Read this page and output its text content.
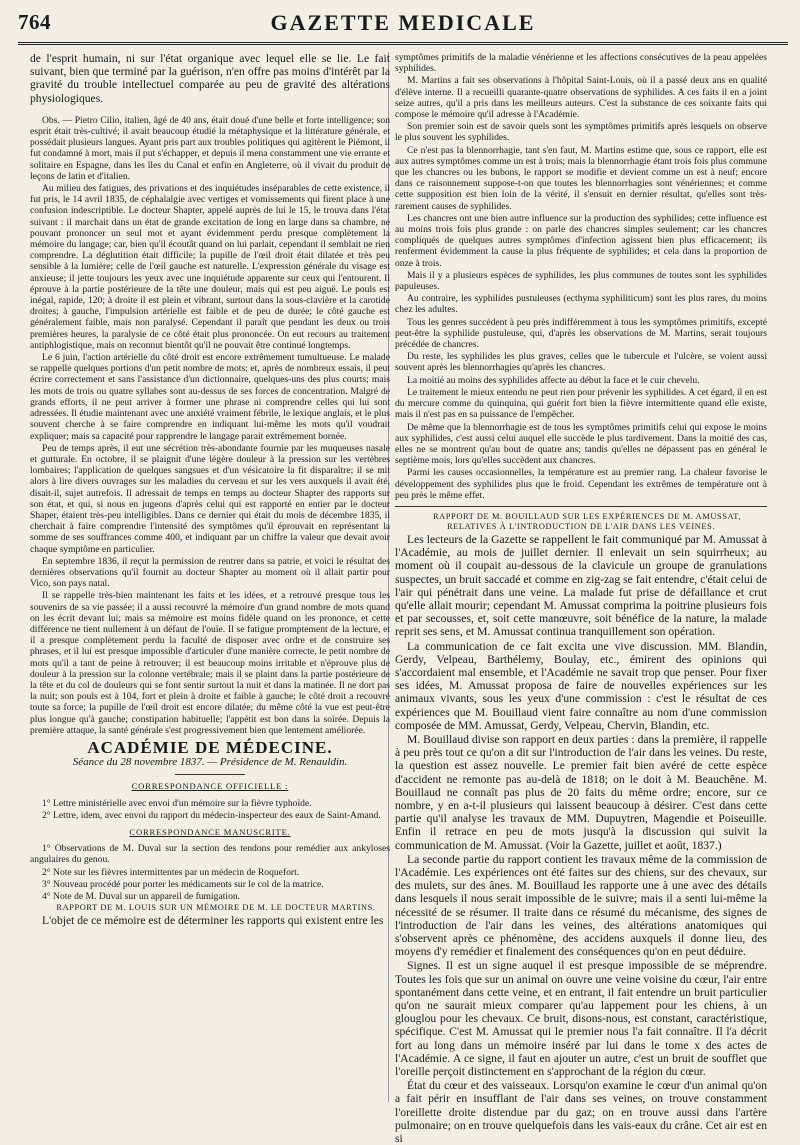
764	GAZETTE MEDICALE

de l'esprit humain, ni sur l'état organique avec lequel elle se lie. Le fait suivant, bien que terminé par la guérison, n'en offre pas moins d'intérêt par la gravité du trouble intellectuel comparée au peu de gravité des altérations physiologiques.

Obs. — Pietro Cilio, italien, âgé de 40 ans, était doué d'une belle et forte intelligence; son esprit était très-cultivé; il avait beaucoup étudié la métaphysique et la littérature générale, et possédait plusieurs langues. Ayant pris part aux troubles politiques qui agitèrent le Piémont, il fut condamné à mort, mais il put s'échapper, et depuis il mena constamment une vie errante et solitaire en Espagne, dans les îles du Canal et enfin en Angleterre, où il vivait du produit de leçons de latin et d'italien.

Au milieu des fatigues, des privations et des inquiétudes inséparables de cette existence, il fut pris, le 14 avril 1835, de céphalalgie avec vertiges et vomissements qui firent place à une confusion indescriptible. Le docteur Shapter, appelé auprès de lui le 15, le trouva dans l'état suivant : il marchait dans un état de grande excitation de long en large dans sa chambre, ne pouvant prononcer un seul mot et ayant évidemment perdu presque complètement la mémoire du langage; car, bien qu'il écoutât quand on lui parlait, cependant il semblait ne rien comprendre. La déglutition était difficile; la pupille de l'œil droit était dilatée et très peu sensible à la lumière; celle de l'œil gauche est naturelle. L'expression générale du visage est anxieuse; il jette toujours les yeux avec une inquiétude apparente sur ceux qui l'entourent. Il éprouve à la partie postérieure de la tête une douleur, mais qui est peu aiguë. Le pouls est inégal, rapide, 120; à droite il est plein et vibrant, surtout dans la sous-clavière et la carotide droites; à gauche, l'impulsion artérielle est faible et de peu de durée; le côté gauche est généralement faible, mais non paralysé. Cependant il paraît que pendant les deux ou trois premières heures, la paralysie de ce côté était plus prononcée. On eut recours au traitement antiphlogistique, mais on reconnut bientôt qu'il ne pouvait être continué longtemps.

Le 6 juin, l'action artérielle du côté droit est encore extrêmement tumultueuse. Le malade se rappelle quelques portions d'un petit nombre de mots; et, après de nombreux essais, il peut écrire correctement et sans l'assistance d'un dictionnaire, quelques-uns des plus courts; mais les mots de trois ou quatre syllabes sont au-dessus de ses forces de concentration. Malgré de grands efforts, il ne peut arriver à former une phrase ni comprendre celles qui lui sont adressées. Il étudie maintenant avec une anxiété vraiment fébrile, le lexique anglais, et le plus souvent cherche à se faire comprendre en indiquant lui-même les mots qu'il voudrait expliquer; mais sa capacité pour rapprendre le langage parait extrêmement bornée.

Peu de temps après, il eut une sécrétion très-abondante fournie par les muqueuses nasale et gutturale. En octobre, il se plaignit d'une légère douleur à la pression sur les vertèbres lombaires; l'application de quelques sangsues et d'un vésicatoire la fit disparaître; il se mit alors à lire divers ouvrages sur les maladies du cerveau et sur les vers auxquels il avait été, disait-il, sujet autrefois. Il adressait de temps en temps au docteur Shapter des rapports sur son état, et qui, si nous en jugeons d'après celui qui est rapporté en entier par le docteur Shaper, étaient très-peu intelligibles. Dans ce dernier qui était du mois de décembre 1835, il cherchait à faire comprendre l'intensité des symptômes qu'il éprouvait en représentant la somme de ses souffrances comme 400, et indiquant par un chiffre la valeur que devait avoir chaque symptôme en particulier.

En septembre 1836, il reçut la permission de rentrer dans sa patrie, et voici le résultat des dernières observations qu'il fournit au docteur Shapter au moment où il allait partir pour Vico, son pays natal.

Il se rappelle très-bien maintenant les faits et les idées, et a retrouvé presque tous les souvenirs de sa vie passée; il a aussi recouvré la mémoire d'un grand nombre de mots quand on les écrit devant lui; mais sa mémoire est moins fidèle quand on les prononce, et cette différence ne tient nullement à un défaut de l'ouïe. Il se fatigue promptement de la lecture, et il a presque complètement perdu la faculté de disposer avec ordre et de construire ses phrases, et il lui est presque impossible d'articuler d'une manière correcte, le petit nombre de mots qu'il a tant de peine à retrouver; il est beaucoup moins irritable et n'éprouve plus de douleur à la pression sur la colonne vertébrale; mais il se plaint dans la partie postérieure de la tête et du col de douleurs qui se font sentir surtout la nuit et dans la matinée. Il ne dort pas la nuit; son pouls est à 104, fort et plein à droite et faible à gauche; le côté droit a recouvré toute sa force; la pupille de l'œil droit est encore dilatée; du même côté la vue est peut-être plus longue qu'à gauche; constipation habituelle; l'appétit est bon dans la soirée. Depuis la première attaque, la santé générale s'est progressivement bien que lentement améliorée.

ACADÉMIE DE MÉDECINE.
Séance du 28 novembre 1837. — Présidence de M. Renauldin.
CORRESPONDANCE OFFICIELLE :

1° Lettre ministérielle avec envoi d'un mémoire sur la fièvre typhoïde.

2° Lettre, idem, avec envoi du rapport du médecin-inspecteur des eaux de Saint-Amand.

CORRESPONDANCE MANUSCRITE.

1° Observations de M. Duval sur la section des tendons pour remédier aux ankyloses angulaires du genou.

2° Note sur les fièvres intermittentes par un médecin de Roquefort.

3° Nouveau procédé pour porter les médicaments sur le col de la matrice.

4° Note de M. Duval sur un appareil de fumigation.

RAPPORT DE M. LOUIS SUR UN MÉMOIRE DE M. LE DOCTEUR MARTINS.

L'objet de ce mémoire est de déterminer les rapports qui existent entre les

symptômes primitifs de la maladie vénérienne et les affections consécutives de la peau appelées syphilides.

M. Martins a fait ses observations à l'hôpital Saint-Louis, où il a passé deux ans en qualité d'élève interne. Il a recueilli quarante-quatre observations de syphilides. A ces faits il en a joint seize autres, qu'il a pris dans les meilleurs auteurs. C'est la substance de ces soixante faits qui compose le mémoire qu'il adresse à l'Académie.

Son premier soin est de savoir quels sont les symptômes primitifs après lesquels on observe le plus souvent les syphilides.

Ce n'est pas la blennorrhagie, tant s'en faut, M. Martins estime que, sous ce rapport, elle est aux autres symptômes comme un est à trois; mais la blennorrhagie étant trois fois plus commune que les chancres ou les bubons, le rapport se modifie et devient comme un est à neuf; encore dans ce raisonnement suppose-t-on que toutes les blennorrhagies sont vénériennes; et comme cette supposition est bien loin de la vérité, il s'ensuit en dernier résultat, qu'elles sont très-rarement causes de syphilides.

Les chancres ont une bien autre influence sur la production des syphilides; cette influence est au moins trois fois plus grande : on parle des chancres simples seulement; car les chancres compliqués de quelques autres symptômes d'infection agissent bien plus efficacement; ils renferment évidemment la cause la plus fréquente de syphilides; et cela dans la proportion de onze à trois.

Mais il y a plusieurs espèces de syphilides, les plus communes de toutes sont les syphilides papuleuses.

Au contraire, les syphilides pustuleuses (ecthyma syphiliticum) sont les plus rares, du moins chez les adultes.

Tous les genres succèdent à peu près indifféremment à tous les symptômes primitifs, excepté peut-être la syphilide pustuleuse, qui, d'après les observations de M. Martins, serait toujours précédée de chancres.

Du reste, les syphilides les plus graves, celles que le tubercule et l'ulcère, se voient aussi souvent après les blennorrhagies qu'après les chancres.

La moitié au moins des syphilides affecte au début la face et le cuir chevelu.

Le traitement le mieux entendu ne peut rien pour prévenir les syphilides. A cet égard, il en est du mercure comme du quinquina, qui guérit fort bien la fièvre intermittente quand elle existe, mais il n'est pas en sa puissance de l'empêcher.

De même que la blennorrhagie est de tous les symptômes primitifs celui qui expose le moins aux syphilides, c'est aussi celui auquel elle succède le plus tardivement. Dans la moitié des cas, elles ne se montrent qu'au bout de quatre ans; tandis qu'elles ne dépassent pas en général le septième mois, lors qu'elles succèdent aux chancres.

Parmi les causes occasionnelles, la température est au premier rang. La chaleur favorise le développement des syphilides plus que le froid. Cependant les extrêmes de température ont à peu près le même effet.

RAPPORT DE M. BOUILLAUD SUR LES EXPÉRIENCES DE M. AMUSSAT, RELATIVES À L'INTRODUCTION DE L'AIR DANS LES VEINES.

Les lecteurs de la Gazette se rappellent le fait communiqué par M. Amussat à l'Académie, au mois de juillet dernier. Il enlevait un sein squirrheux; au moment où il coupait au-dessous de la clavicule un groupe de granulations suspectes, un bruit saccadé et comme en zig-zag se fait entendre, c'était celui de l'air qui pénétrait dans une veine. La malade fut prise de défaillance et crut qu'elle allait mourir; cependant M. Amussat comprima la poitrine plusieurs fois et par secousses, et, soit cette manœuvre, soit bénéfice de la nature, la malade reprit ses sens, et M. Amussat continua tranquillement son opération.

La communication de ce fait excita une vive discussion. MM. Blandin, Gerdy, Velpeau, Barthélemy, Boulay, etc., émirent des opinions qui s'accordaient mal ensemble, et l'Académie ne savait trop que penser. Pour fixer ses idées, M. Amussat proposa de faire de nouvelles expériences sur les animaux vivants, sous les yeux d'une commission : c'est le résultat de ces expériences que M. Bouillaud vient faire connaître au nom d'une commission composée de MM. Amussat, Gerdy, Velpeau, Chervin, Blandin, etc.

M. Bouillaud divise son rapport en deux parties : dans la première, il rappelle à peu près tout ce qu'on a dit sur l'introduction de l'air dans les veines. Du reste, la question est assez nouvelle. Le premier fait bien avéré de cette espèce d'accident ne remonte pas au-delà de 1818; on le doit à M. Beauchêne. M. Bouillaud ne connaît pas plus de 20 faits du même ordre; encore, sur ce nombre, y en a-t-il plusieurs qui laissent beaucoup à désirer. C'est dans cette partie qu'il analyse les travaux de MM. Dupuytren, Magendie et Poiseuille. Enfin il retrace en peu de mots jusqu'à la discussion qui suivit la communication de M. Amussat. (Voir la Gazette, juillet et août, 1837.)

La seconde partie du rapport contient les travaux même de la commission de l'Académie. Les expériences ont été faites sur des chiens, sur des chevaux, sur des mulets, sur des ânes. M. Bouillaud les rapporte une à une avec des détails dans lesquels il nous serait impossible de le suivre; mais il a senti lui-même la nécessité de se résumer. Il traite dans ce résumé du mécanisme, des signes de l'introduction de l'air dans les veines, des altérations anatomiques qui s'observent après ce phénomène, des accidens auxquels il donne lieu, des moyens d'y remédier et finalement des conséquences qu'on en peut déduire.

Signes. Il est un signe auquel il est presque impossible de se méprendre. Toutes les fois que sur un animal on ouvre une veine voisine du cœur, l'air entre spontanément dans cette veine, et en entrant, il fait entendre un bruit particulier qu'on ne saurait mieux comparer qu'au lappement pour les chiens, à un glouglou pour les chevaux. Ce bruit, disons-nous, est constant, caractéristique, spécifique. C'est M. Amussat qui le premier nous l'a fait connaître. Il l'a décrit fort au long dans un mémoire inséré par lui dans le tome x des actes de l'Académie. A ce signe, il faut en ajouter un autre, c'est un bruit de soufflet que l'oreille perçoit distinctement en s'approchant de la région du cœur.

État du cœur et des vaisseaux. Lorsqu'on examine le cœur d'un animal qu'on a fait périr en insufflant de l'air dans ses veines, on trouve constamment l'oreillette droite distendue par du gaz; on en trouve aussi dans l'artère pulmonaire; on en trouve quelquefois dans les vais-eaux du crâne. Cet air est en si
